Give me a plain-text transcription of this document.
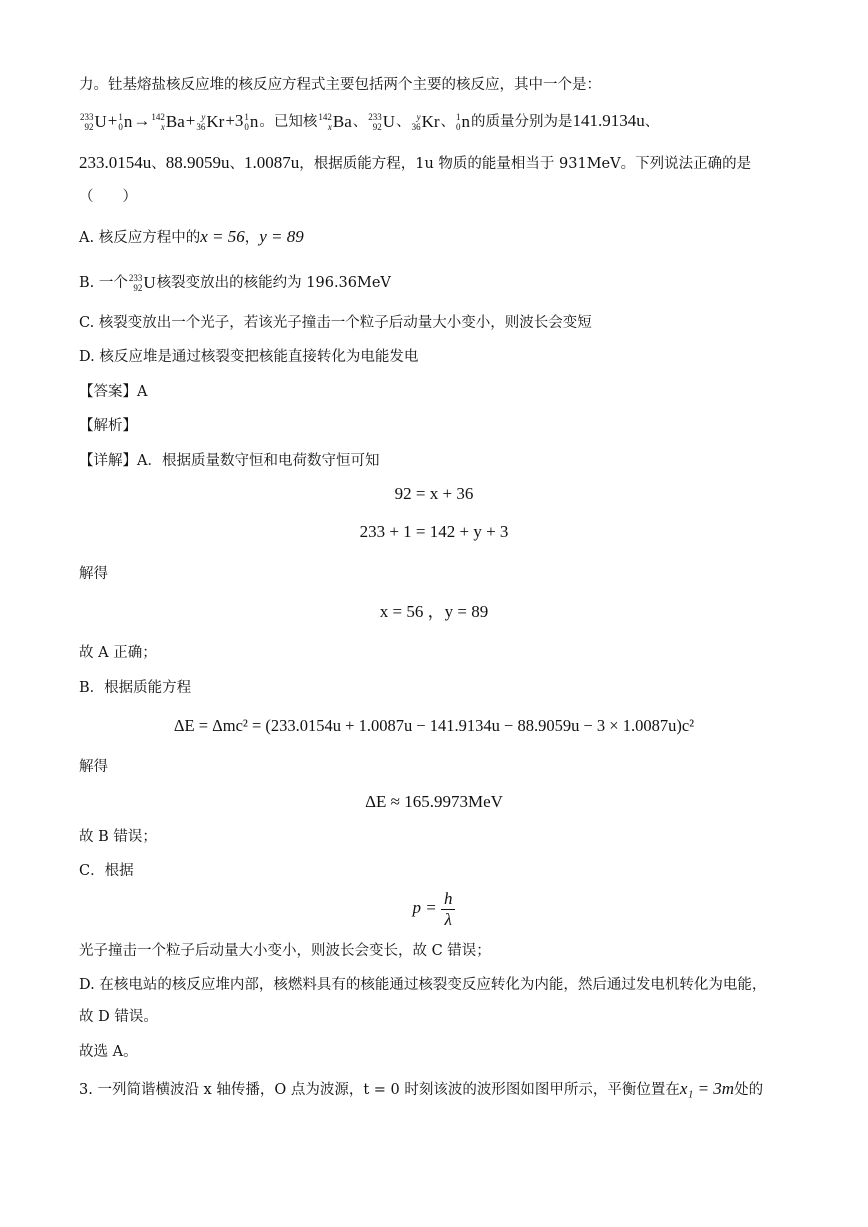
力。钍基熔盐核反应堆的核反应方程式主要包括两个主要的核反应，其中一个是：
233
92 U+ 1
0 n→ 142
x Ba+ y
36 Kr+3 1
0 n。已知核 142
x Ba、 233
92 U、 y
36 Kr、 1
0 n的质量分别为是141.9134u、
233.0154u、88.9059u、1.0087u，根据质能方程，1u 物质的能量相当于 931MeV。下列说法正确的是
（　　）
A. 核反应方程中的x = 56，y = 89
B. 一个 233
92 U核裂变放出的核能约为 196.36MeV
C. 核裂变放出一个光子，若该光子撞击一个粒子后动量大小变小，则波长会变短
D. 核反应堆是通过核裂变把核能直接转化为电能发电
【答案】A
【解析】
【详解】A．根据质量数守恒和电荷数守恒可知
92 = x + 36
233 + 1 = 142 + y + 3
解得
x = 56 ，y = 89
故 A 正确；
B．根据质能方程
ΔE = Δmc² = (233.0154u + 1.0087u − 141.9134u − 88.9059u − 3 × 1.0087u)c²
解得
ΔE ≈ 165.9973MeV
故 B 错误；
C．根据
$p = \frac{h}{\lambda}$
光子撞击一个粒子后动量大小变小，则波长会变长，故 C 错误；
D. 在核电站的核反应堆内部，核燃料具有的核能通过核裂变反应转化为内能，然后通过发电机转化为电能，
故 D 错误。
故选 A。
3. 一列简谐横波沿 x 轴传播，O 点为波源，t = 0 时刻该波的波形图如图甲所示，平衡位置在x₁ = 3m处的
